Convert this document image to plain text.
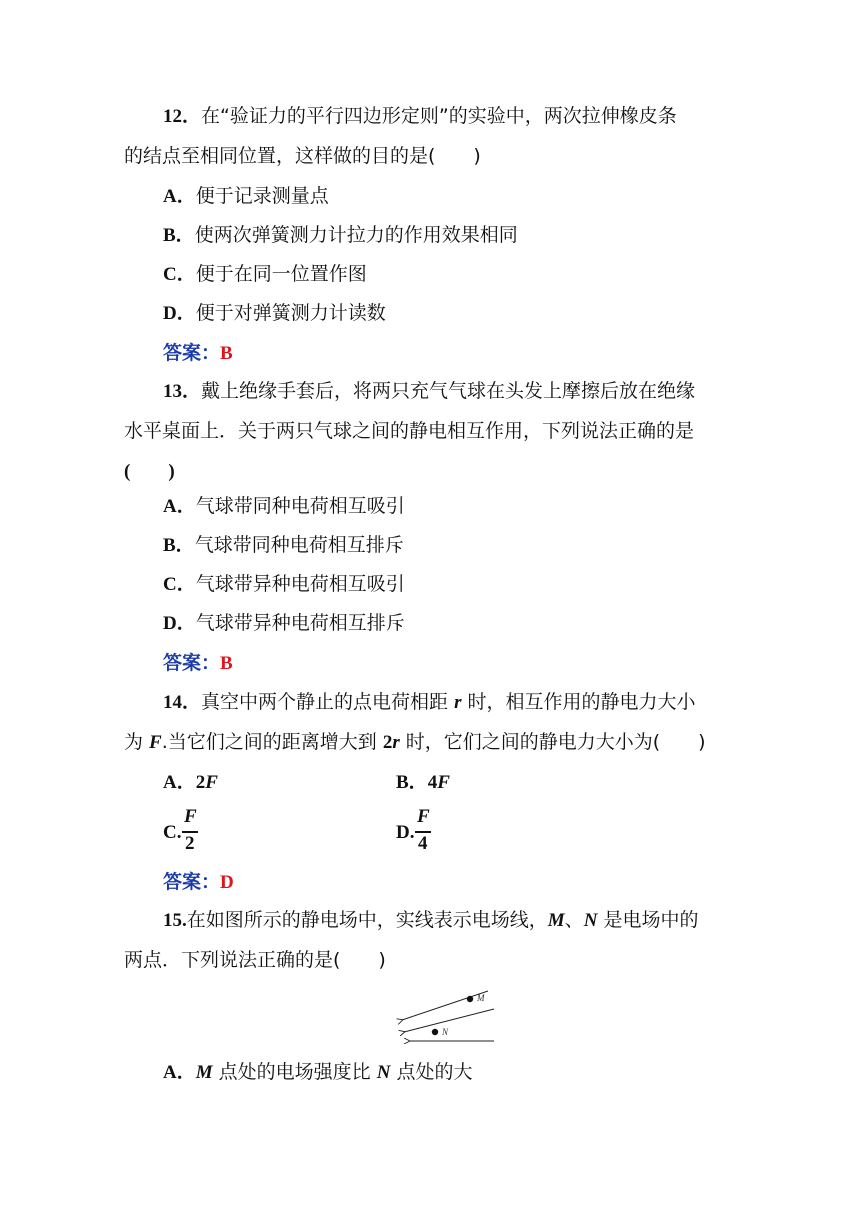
12．在“验证力的平行四边形定则”的实验中，两次拉伸橡皮条
的结点至相同位置，这样做的目的是(　　)
A．便于记录测量点
B．使两次弹簧测力计拉力的作用效果相同
C．便于在同一位置作图
D．便于对弹簧测力计读数
答案：B
13．戴上绝缘手套后，将两只充气气球在头发上摩擦后放在绝缘
水平桌面上．关于两只气球之间的静电相互作用，下列说法正确的是
(　　)
A．气球带同种电荷相互吸引
B．气球带同种电荷相互排斥
C．气球带异种电荷相互吸引
D．气球带异种电荷相互排斥
答案：B
14．真空中两个静止的点电荷相距 r 时，相互作用的静电力大小
为 F.当它们之间的距离增大到 2r 时，它们之间的静电力大小为(　　)
A．2F	B．4F
C.
F
2
D.
F
4
答案：D
15.在如图所示的静电场中，实线表示电场线，M、N 是电场中的
两点．下列说法正确的是(　　)
M
N
A．M 点处的电场强度比 N 点处的大
